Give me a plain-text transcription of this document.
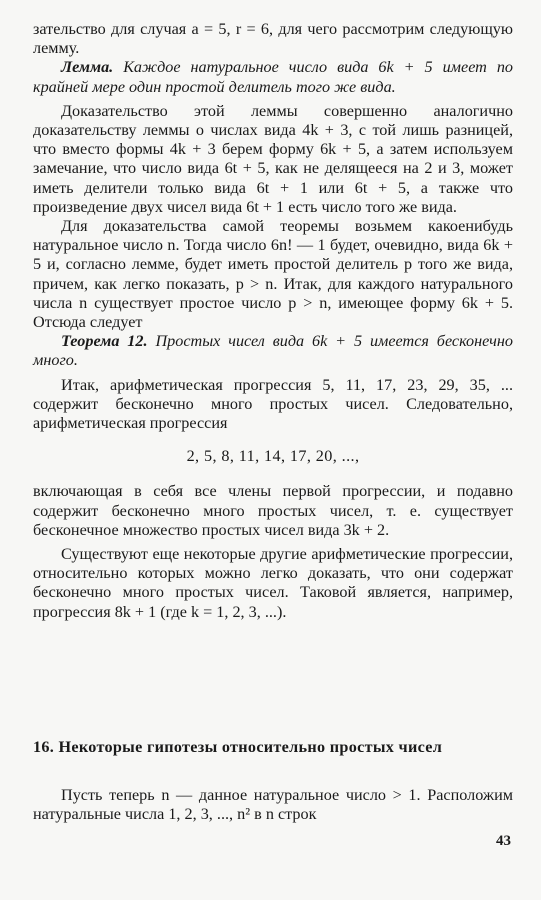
зательство для случая a = 5, r = 6, для чего рассмотрим следующую лемму.

Лемма. Каждое натуральное число вида 6k + 5 имеет по крайней мере один простой делитель того же вида.

Доказательство этой леммы совершенно аналогично доказательству леммы о числах вида 4k + 3, с той лишь разницей, что вместо формы 4k + 3 берем форму 6k + 5, а затем используем замечание, что число вида 6t + 5, как не делящееся на 2 и 3, может иметь делители только вида 6t + 1 или 6t + 5, а также что произведение двух чисел вида 6t + 1 есть число того же вида.

Для доказательства самой теоремы возьмем какоенибудь натуральное число n. Тогда число 6n! — 1 будет, очевидно, вида 6k + 5 и, согласно лемме, будет иметь простой делитель p того же вида, причем, как легко показать, p > n. Итак, для каждого натурального числа n существует простое число p > n, имеющее форму 6k + 5. Отсюда следует

Теорема 12. Простых чисел вида 6k + 5 имеется бесконечно много.

Итак, арифметическая прогрессия 5, 11, 17, 23, 29, 35, ... содержит бесконечно много простых чисел. Следовательно, арифметическая прогрессия

2, 5, 8, 11, 14, 17, 20, ...,

включающая в себя все члены первой прогрессии, и подавно содержит бесконечно много простых чисел, т. е. существует бесконечное множество простых чисел вида 3k + 2.

Существуют еще некоторые другие арифметические прогрессии, относительно которых можно легко доказать, что они содержат бесконечно много простых чисел. Таковой является, например, прогрессия 8k + 1 (где k = 1, 2, 3, ...).

16. Некоторые гипотезы относительно простых чисел

Пусть теперь n — данное натуральное число > 1. Расположим натуральные числа 1, 2, 3, ..., n² в n строк

43
